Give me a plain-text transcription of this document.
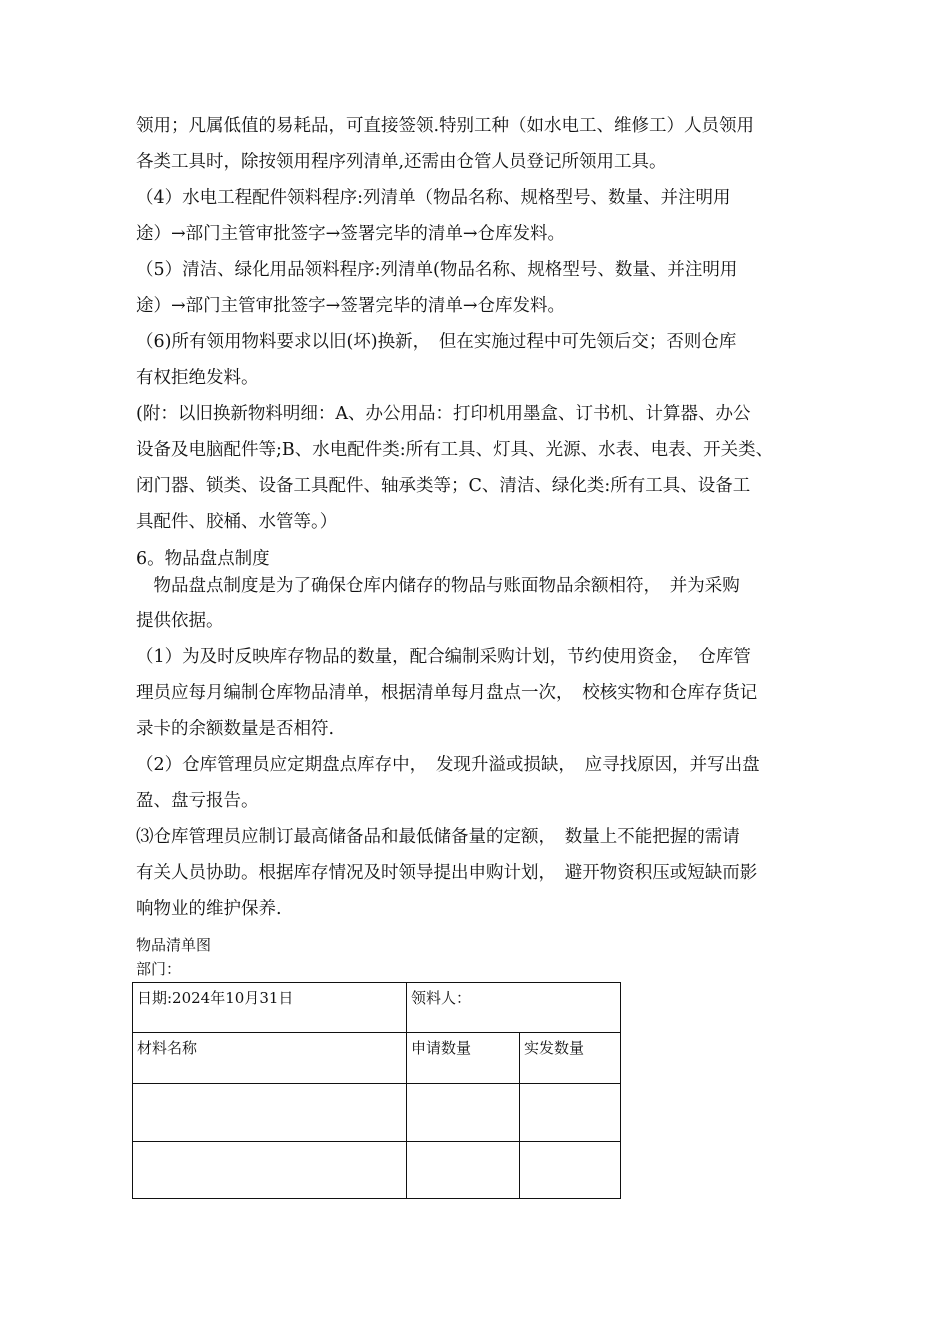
领用；凡属低值的易耗品，可直接签领.特别工种（如水电工、维修工）人员领用
各类工具时，除按领用程序列清单,还需由仓管人员登记所领用工具。
（4）水电工程配件领料程序:列清单（物品名称、规格型号、数量、并注明用
途）→部门主管审批签字→签署完毕的清单→仓库发料。
（5）清洁、绿化用品领料程序:列清单(物品名称、规格型号、数量、并注明用
途）→部门主管审批签字→签署完毕的清单→仓库发料。
（6)所有领用物料要求以旧(坏)换新，　但在实施过程中可先领后交；否则仓库
有权拒绝发料。
(附：以旧换新物料明细：A、办公用品：打印机用墨盒、订书机、计算器、办公
设备及电脑配件等;B、水电配件类:所有工具、灯具、光源、水表、电表、开关类、
闭门器、锁类、设备工具配件、轴承类等；C、清洁、绿化类:所有工具、设备工
具配件、胶桶、水管等。）
6。物品盘点制度
　物品盘点制度是为了确保仓库内储存的物品与账面物品余额相符，　并为采购
提供依据。
（1）为及时反映库存物品的数量，配合编制采购计划，节约使用资金，　仓库管
理员应每月编制仓库物品清单，根据清单每月盘点一次，　校核实物和仓库存货记
录卡的余额数量是否相符.
（2）仓库管理员应定期盘点库存中，　发现升溢或损缺，　应寻找原因，并写出盘
盈、盘亏报告。
⑶仓库管理员应制订最高储备品和最低储备量的定额，　数量上不能把握的需请
有关人员协助。根据库存情况及时领导提出申购计划，　避开物资积压或短缺而影
响物业的维护保养.
物品清单图
部门：
日期:2024年10月31日	领料人：	
材料名称	申请数量	实发数量
